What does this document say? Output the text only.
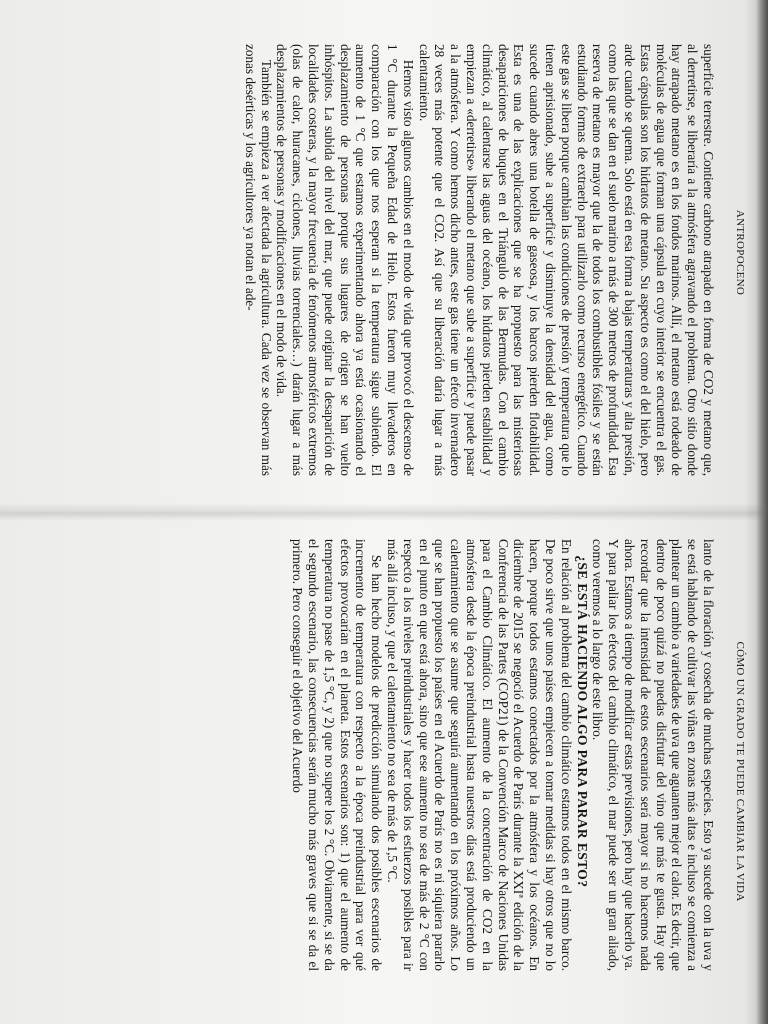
ANTROPOCENO

superficie terrestre. Contiene carbono atrapado en forma de CO2 y metano que, al derretirse, se liberaría a la atmósfera agravando el problema. Otro sitio donde hay atrapado metano es en los fondos marinos. Allí, el metano está rodeado de moléculas de agua que forman una cápsula en cuyo interior se encuentra el gas. Estas cápsulas son los hidratos de metano. Su aspecto es como el del hielo, pero arde cuando se quema. Solo está en esa forma a bajas temperaturas y alta presión, como las que se dan en el suelo marino a más de 300 metros de profundidad. Esa reserva de metano es mayor que la de todos los combustibles fósiles y se están estudiando formas de extraerlo para utilizarlo como recurso energético. Cuando este gas se libera porque cambian las condiciones de presión y temperatura que lo tienen aprisionado, sube a superficie y disminuye la densidad del agua, como sucede cuando abres una botella de gaseosa, y los barcos pierden flotabilidad. Esta es una de las explicaciones que se ha propuesto para las misteriosas desapariciones de buques en el Triángulo de las Bermudas. Con el cambio climático, al calentarse las aguas del océano, los hidratos pierden estabilidad y empiezan a «derretirse» liberando el metano que sube a superficie y puede pasar a la atmósfera. Y como hemos dicho antes, este gas tiene un efecto invernadero 28 veces más potente que el CO2. Así que su liberación daría lugar a más calentamiento.

Hemos visto algunos cambios en el modo de vida que provocó el descenso de 1 °C durante la Pequeña Edad de Hielo. Estos fueron muy llevaderos en comparación con los que nos esperan si la temperatura sigue subiendo. El aumento de 1 °C que estamos experimentando ahora ya está ocasionando el desplazamiento de personas porque sus lugares de origen se han vuelto inhóspitos. La subida del nivel del mar, que puede originar la desaparición de localidades costeras, y la mayor frecuencia de fenómenos atmosféricos extremos (olas de calor, huracanes, ciclones, lluvias torrenciales…) darán lugar a más desplazamientos de personas y modificaciones en el modo de vida.

También se empieza a ver afectada la agricultura. Cada vez se observan más zonas desérticas y los agricultores ya notan el ade-

CÓMO UN GRADO TE PUEDE CAMBIAR LA VIDA

lanto de la floración y cosecha de muchas especies. Esto ya sucede con la uva y se está hablando de cultivar las viñas en zonas más altas e incluso se comienza a plantear un cambio a variedades de uva que aguanten mejor el calor. Es decir, que dentro de poco quizá no puedas disfrutar del vino que más te gusta. Hay que recordar que la intensidad de estos escenarios será mayor si no hacemos nada ahora. Estamos a tiempo de modificar estas previsiones, pero hay que hacerlo ya. Y para paliar los efectos del cambio climático, el mar puede ser un gran aliado, como veremos a lo largo de este libro.

¿SE ESTÁ HACIENDO ALGO PARA PARAR ESTO?

En relación al problema del cambio climático estamos todos en el mismo barco. De poco sirve que unos países empiecen a tomar medidas si hay otros que no lo hacen, porque todos estamos conectados por la atmósfera y los océanos. En diciembre de 2015 se negoció el Acuerdo de París durante la XXIª edición de la Conferencia de las Partes (COP21) de la Convención Marco de Naciones Unidas para el Cambio Climático. El aumento de la concentración de CO2 en la atmósfera desde la época preindustrial hasta nuestros días está produciendo un calentamiento que se asume que seguirá aumentando en los próximos años. Lo que se han propuesto los países en el Acuerdo de París no es ni siquiera pararlo en el punto en que está ahora, sino que ese aumento no sea de más de 2 °C con respecto a los niveles preindustriales y hacer todos los esfuerzos posibles para ir más allá incluso, y que el calentamiento no sea de más de 1,5 °C.

Se han hecho modelos de predicción simulando dos posibles escenarios de incremento de temperatura con respecto a la época preindustrial para ver qué efectos provocarían en el planeta. Estos escenarios son: 1) que el aumento de temperatura no pase de 1,5 °C, y 2) que no supere los 2 °C. Obviamente, si se da el segundo escenario, las consecuencias serán mucho más graves que si se da el primero. Pero conseguir el objetivo del Acuerdo
